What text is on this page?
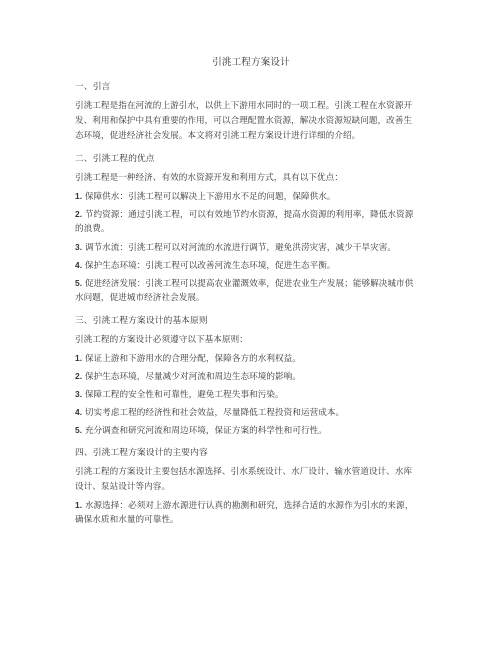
引洮工程方案设计
一、引言
引洮工程是指在河流的上游引水，以供上下游用水同时的一项工程。引洮工程在水资源开
发、利用和保护中具有重要的作用，可以合理配置水资源，解决水资源短缺问题，改善生
态环境，促进经济社会发展。本文将对引洮工程方案设计进行详细的介绍。
二、引洮工程的优点
引洮工程是一种经济、有效的水资源开发和利用方式，具有以下优点：
1. 保障供水：引洮工程可以解决上下游用水不足的问题，保障供水。
2. 节约资源：通过引洮工程，可以有效地节约水资源，提高水资源的利用率，降低水资源
的浪费。
3. 调节水流：引洮工程可以对河流的水流进行调节，避免洪涝灾害，减少干旱灾害。
4. 保护生态环境：引洮工程可以改善河流生态环境，促进生态平衡。
5. 促进经济发展：引洮工程可以提高农业灌溉效率，促进农业生产发展；能够解决城市供
水问题，促进城市经济社会发展。
三、引洮工程方案设计的基本原则
引洮工程的方案设计必须遵守以下基本原则：
1. 保证上游和下游用水的合理分配，保障各方的水利权益。
2. 保护生态环境，尽量减少对河流和周边生态环境的影响。
3. 保障工程的安全性和可靠性，避免工程失事和污染。
4. 切实考虑工程的经济性和社会效益，尽量降低工程投资和运营成本。
5. 充分调查和研究河流和周边环境，保证方案的科学性和可行性。
四、引洮工程方案设计的主要内容
引洮工程的方案设计主要包括水源选择、引水系统设计、水厂设计、输水管道设计、水库
设计、泵站设计等内容。
1. 水源选择：必须对上游水源进行认真的勘测和研究，选择合适的水源作为引水的来源，
确保水质和水量的可靠性。
